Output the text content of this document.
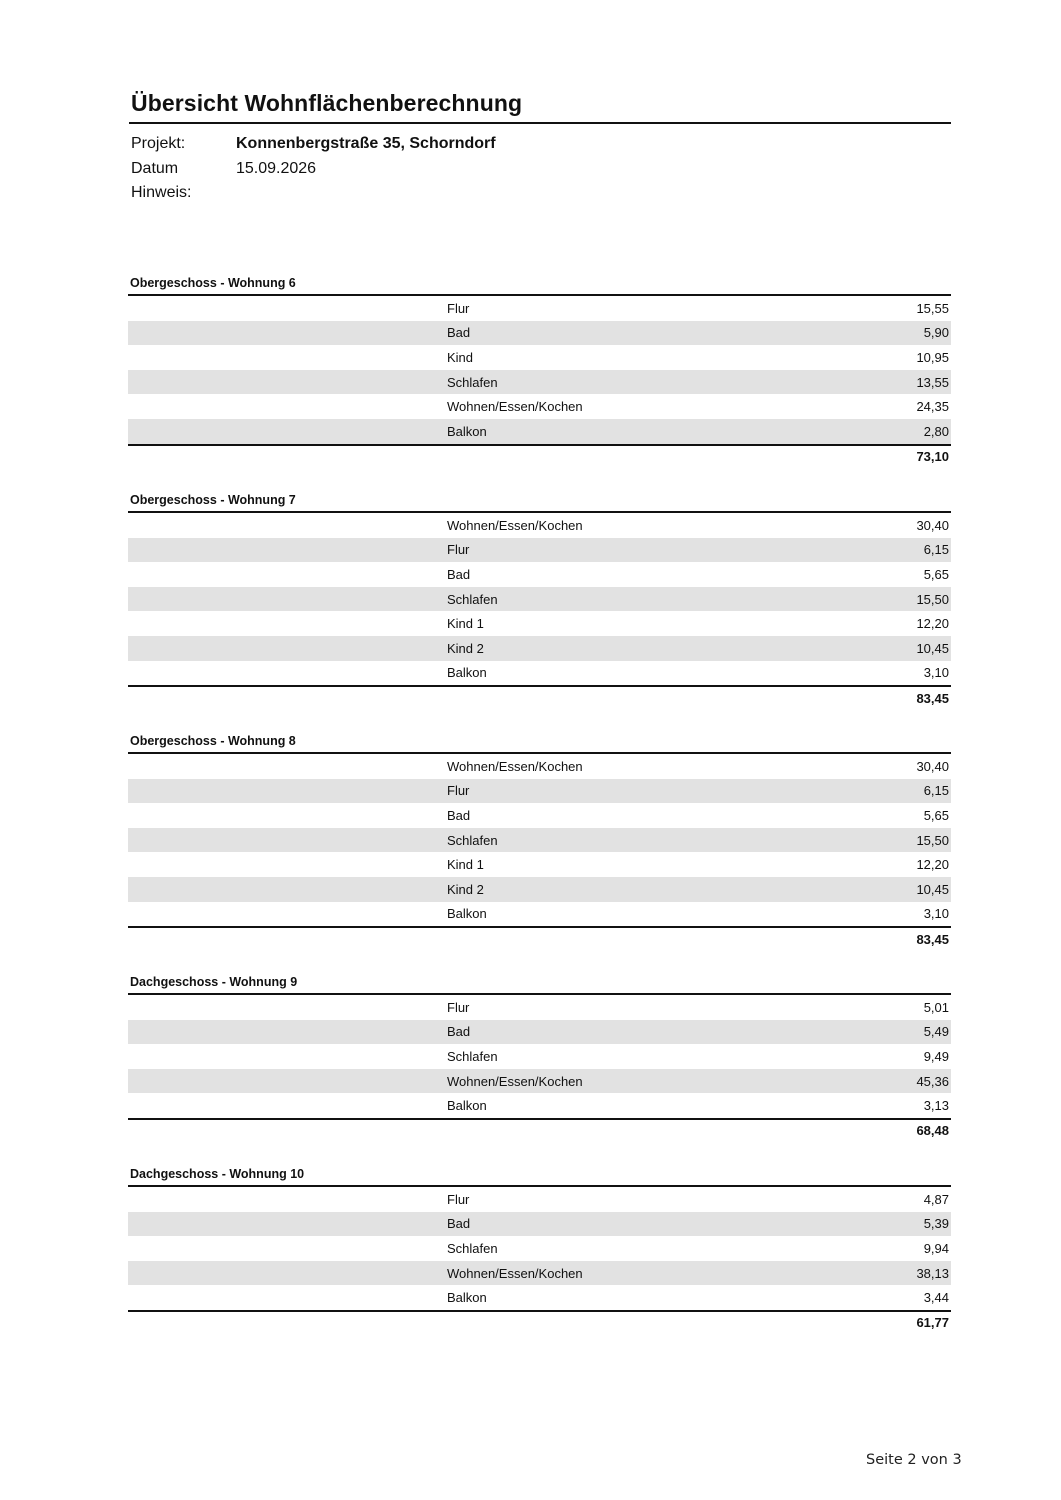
Übersicht Wohnflächenberechnung
Projekt:	Konnenbergstraße 35, Schorndorf
Datum	15.09.2026
Hinweis:
Obergeschoss - Wohnung 6
Flur	15,55
Bad	5,90
Kind	10,95
Schlafen	13,55
Wohnen/Essen/Kochen	24,35
Balkon	2,80
73,10
Obergeschoss - Wohnung 7
Wohnen/Essen/Kochen	30,40
Flur	6,15
Bad	5,65
Schlafen	15,50
Kind 1	12,20
Kind 2	10,45
Balkon	3,10
83,45
Obergeschoss - Wohnung 8
Wohnen/Essen/Kochen	30,40
Flur	6,15
Bad	5,65
Schlafen	15,50
Kind 1	12,20
Kind 2	10,45
Balkon	3,10
83,45
Dachgeschoss - Wohnung 9
Flur	5,01
Bad	5,49
Schlafen	9,49
Wohnen/Essen/Kochen	45,36
Balkon	3,13
68,48
Dachgeschoss - Wohnung 10
Flur	4,87
Bad	5,39
Schlafen	9,94
Wohnen/Essen/Kochen	38,13
Balkon	3,44
61,77
Seite 2 von 3
